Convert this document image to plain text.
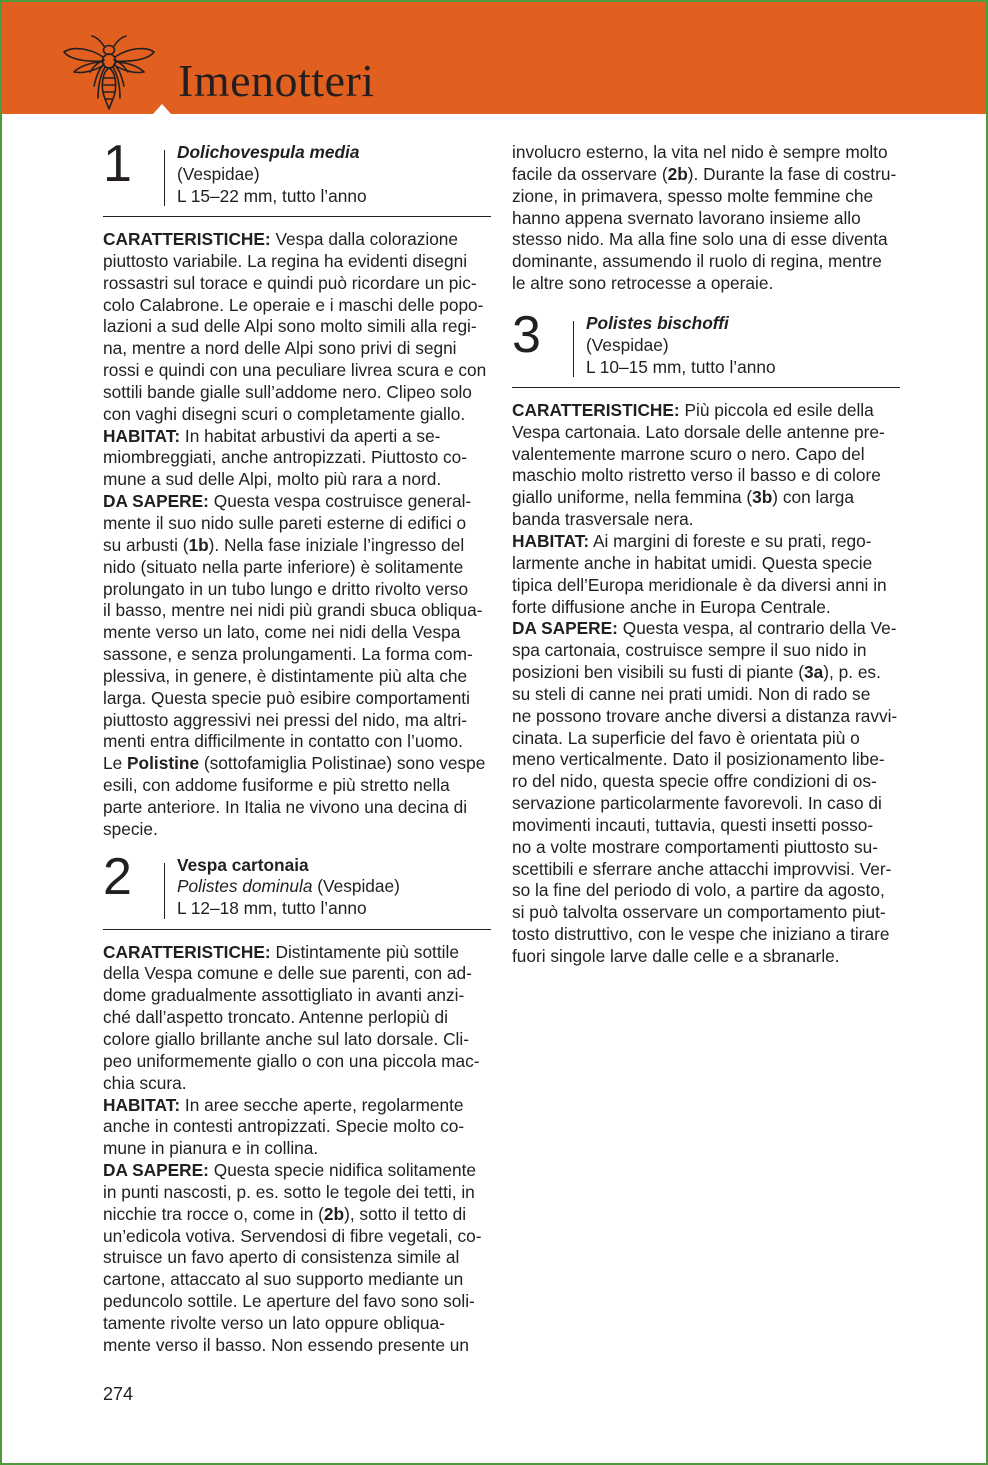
Imenotteri
1	Dolichovespula media
(Vespidae)
L 15–22 mm, tutto l’anno
CARATTERISTICHE: Vespa dalla colorazione
piuttosto variabile. La regina ha evidenti disegni
rossastri sul torace e quindi può ricordare un pic-
colo Calabrone. Le operaie e i maschi delle popo-
lazioni a sud delle Alpi sono molto simili alla regi-
na, mentre a nord delle Alpi sono privi di segni
rossi e quindi con una peculiare livrea scura e con
sottili bande gialle sull’addome nero. Clipeo solo
con vaghi disegni scuri o completamente giallo.
HABITAT: In habitat arbustivi da aperti a se-
miombreggiati, anche antropizzati. Piuttosto co-
mune a sud delle Alpi, molto più rara a nord.
DA SAPERE: Questa vespa costruisce general-
mente il suo nido sulle pareti esterne di edifici o
su arbusti (1b). Nella fase iniziale l’ingresso del
nido (situato nella parte inferiore) è solitamente
prolungato in un tubo lungo e dritto rivolto verso
il basso, mentre nei nidi più grandi sbuca obliqua-
mente verso un lato, come nei nidi della Vespa
sassone, e senza prolungamenti. La forma com-
plessiva, in genere, è distintamente più alta che
larga. Questa specie può esibire comportamenti
piuttosto aggressivi nei pressi del nido, ma altri-
menti entra difficilmente in contatto con l’uomo.
Le Polistine (sottofamiglia Polistinae) sono vespe
esili, con addome fusiforme e più stretto nella
parte anteriore. In Italia ne vivono una decina di
specie.
2	Vespa cartonaia
Polistes dominula (Vespidae)
L 12–18 mm, tutto l’anno
CARATTERISTICHE: Distintamente più sottile
della Vespa comune e delle sue parenti, con ad-
dome gradualmente assottigliato in avanti anzi-
ché dall’aspetto troncato. Antenne perlopiù di
colore giallo brillante anche sul lato dorsale. Cli-
peo uniformemente giallo o con una piccola mac-
chia scura.
HABITAT: In aree secche aperte, regolarmente
anche in contesti antropizzati. Specie molto co-
mune in pianura e in collina.
DA SAPERE: Questa specie nidifica solitamente
in punti nascosti, p. es. sotto le tegole dei tetti, in
nicchie tra rocce o, come in (2b), sotto il tetto di
un’edicola votiva. Servendosi di fibre vegetali, co-
struisce un favo aperto di consistenza simile al
cartone, attaccato al suo supporto mediante un
peduncolo sottile. Le aperture del favo sono soli-
tamente rivolte verso un lato oppure obliqua-
mente verso il basso. Non essendo presente un
involucro esterno, la vita nel nido è sempre molto
facile da osservare (2b). Durante la fase di costru-
zione, in primavera, spesso molte femmine che
hanno appena svernato lavorano insieme allo
stesso nido. Ma alla fine solo una di esse diventa
dominante, assumendo il ruolo di regina, mentre
le altre sono retrocesse a operaie.
3	Polistes bischoffi
(Vespidae)
L 10–15 mm, tutto l’anno
CARATTERISTICHE: Più piccola ed esile della
Vespa cartonaia. Lato dorsale delle antenne pre-
valentemente marrone scuro o nero. Capo del
maschio molto ristretto verso il basso e di colore
giallo uniforme, nella femmina (3b) con larga
banda trasversale nera.
HABITAT: Ai margini di foreste e su prati, rego-
larmente anche in habitat umidi. Questa specie
tipica dell’Europa meridionale è da diversi anni in
forte diffusione anche in Europa Centrale.
DA SAPERE: Questa vespa, al contrario della Ve-
spa cartonaia, costruisce sempre il suo nido in
posizioni ben visibili su fusti di piante (3a), p. es.
su steli di canne nei prati umidi. Non di rado se
ne possono trovare anche diversi a distanza ravvi-
cinata. La superficie del favo è orientata più o
meno verticalmente. Dato il posizionamento libe-
ro del nido, questa specie offre condizioni di os-
servazione particolarmente favorevoli. In caso di
movimenti incauti, tuttavia, questi insetti posso-
no a volte mostrare comportamenti piuttosto su-
scettibili e sferrare anche attacchi improvvisi. Ver-
so la fine del periodo di volo, a partire da agosto,
si può talvolta osservare un comportamento piut-
tosto distruttivo, con le vespe che iniziano a tirare
fuori singole larve dalle celle e a sbranarle.
274
